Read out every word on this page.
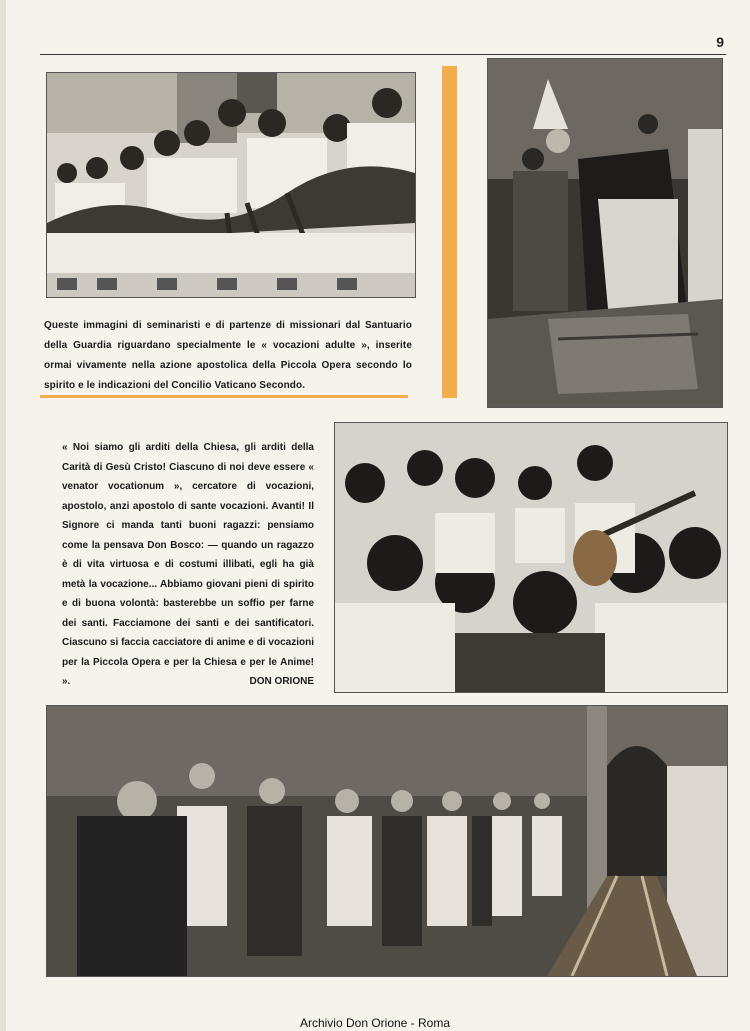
9
Queste immagini di seminaristi e di partenze di missionari dal Santuario della Guardia riguardano specialmente le « vocazioni adulte », inserite ormai vivamente nella azione apostolica della Piccola Opera secondo lo spirito e le indicazioni del Concilio Vaticano Secondo.
« Noi siamo gli arditi della Chiesa, gli arditi della Carità di Gesù Cristo! Ciascuno di noi deve essere « venator vocationum », cercatore di vocazioni, apostolo, anzi apostolo di sante vocazioni. Avanti! Il Signore ci manda tanti buoni ragazzi: pensiamo come la pensava Don Bosco: — quando un ragazzo è di vita virtuosa e di costumi illibati, egli ha già metà la vocazione... Abbiamo giovani pieni di spirito e di buona volontà: basterebbe un soffio per farne dei santi. Facciamone dei santi e dei santificatori. Ciascuno si faccia cacciatore di anime e di vocazioni per la Piccola Opera e per la Chiesa e per le Anime! ».	DON ORIONE
Archivio Don Orione - Roma
